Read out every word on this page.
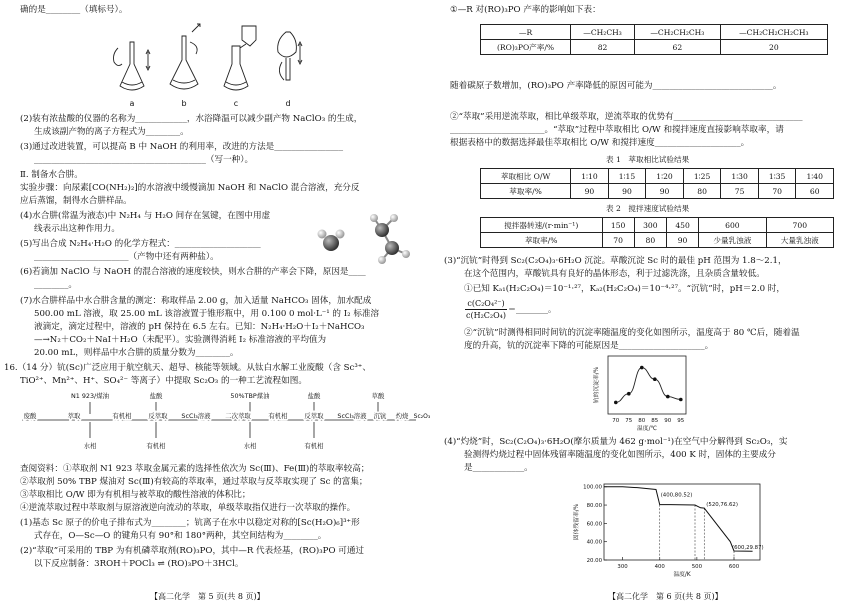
确的是________（填标号）。
(2)装有浓盐酸的仪器的名称为____________，水浴降温可以减少副产物 NaClO₃ 的生成，
生成该副产物的离子方程式为________。
(3)通过改进装置，可以提高 B 中 NaOH 的利用率，改进的方法是________________
________________________________________（写一种）。
Ⅱ. 制备水合肼。
实验步骤：向尿素[CO(NH₂)₂]的水溶液中缓慢滴加 NaOH 和 NaClO 混合溶液，充分反
应后蒸馏，制得水合肼样品。
(4)水合肼(常温为液态)中 N₂H₄ 与 H₂O 间存在氢键，在图中用虚
线表示出这种作用力。
(5)写出合成 N₂H₄·H₂O 的化学方程式：____________________
______________________（产物中还有两种盐）。
(6)若滴加 NaClO 与 NaOH 的混合溶液的速度较快，则水合肼的产率会下降，原因是____
________。
(7)水合肼样品中水合肼含量的测定：称取样品 2.00 g，加入适量 NaHCO₃ 固体，加水配成
500.00 mL 溶液，取 25.00 mL 该溶液置于锥形瓶中，用 0.100 0 mol·L⁻¹ 的 I₂ 标准溶
液滴定，滴定过程中，溶液的 pH 保持在 6.5 左右。已知：N₂H₄·H₂O＋I₂＋NaHCO₃
—→N₂＋CO₂＋NaI＋H₂O（未配平）。实验测得消耗 I₂ 标准溶液的平均值为
20.00 mL，则样品中水合肼的质量分数为________。
16.（14 分）钪(Sc)广泛应用于航空航天、超导、核能等领域。从钛白水解工业废酸（含 Sc³⁺、
TiO²⁺、Mn²⁺、H⁺、SO₄²⁻ 等离子）中提取 Sc₂O₃ 的一种工艺流程如图。
查阅资料：①萃取剂 N1 923 萃取金属元素的选择性依次为 Sc(Ⅲ)、Fe(Ⅲ)的萃取率较高；
②萃取剂 50% TBP 煤油对 Sc(Ⅲ)有较高的萃取率，通过萃取与反萃取实现了 Sc 的富集；
③萃取相比 O/W 即为有机相与被萃取的酸性溶液的体积比；
④逆流萃取过程中萃取剂与原溶液逆向流动的萃取，单级萃取指仅进行一次萃取的操作。
(1)基态 Sc 原子的价电子排布式为________；钪离子在水中以稳定对称的[Sc(H₂O)₆]³⁺形
式存在，O—Sc—O 的键角只有 90°和 180°两种，其空间结构为________。
(2)“萃取”可采用的 TBP 为有机磷萃取剂(RO)₃PO，其中—R 代表烃基，(RO)₃PO 可通过
以下反应制备：3ROH＋POCl₃ ⇌ (RO)₃PO＋3HCl。
a	b	c	d
N1 923/煤油	盐酸	50%TBP煤油	盐酸	草酸
废酸	萃取	有机相	反萃取 ScCl₃溶液 二次萃取	有机相	反萃取 ScCl₃溶液 沉钪 灼烧 Sc₂O₃
水相	有机相	水相	有机相
【高二化学　第 5 页(共 8 页)】
①—R 对(RO)₃PO 产率的影响如下表：
随着碳原子数增加，(RO)₃PO 产率降低的原因可能为____________________________。
②“萃取”采用逆流萃取，相比单级萃取，逆流萃取的优势有______________________________
______________________。“萃取”过程中萃取相比 O/W 和搅拌速度直接影响萃取率，请
根据表格中的数据选择最佳萃取相比 O/W 和搅拌速度____________________。
(3)“沉钪”时得到 Sc₂(C₂O₄)₃·6H₂O 沉淀。草酸沉淀 Sc 时的最佳 pH 范围为 1.8～2.1，
在这个范围内，草酸钪具有良好的晶体形态，利于过滤洗涤，且杂质含量较低。
①已知 Kₐ₁(H₂C₂O₄)＝10⁻¹·²⁷，Kₐ₂(H₂C₂O₄)＝10⁻⁴·²⁷。“沉钪”时，pH＝2.0 时，
②“沉钪”时测得相同时间钪的沉淀率随温度的变化如图所示，温度高于 80 ℃后，随着温
度的升高，钪的沉淀率下降的可能原因是____________________。
(4)“灼烧”时，Sc₂(C₂O₄)₃·6H₂O(摩尔质量为 462 g·mol⁻¹)在空气中分解得到 Sc₂O₃，实
验测得灼烧过程中固体残留率随温度的变化如图所示，400 K 时，固体的主要成分
是____________。
—R	—CH₂CH₃	—CH₂CH₂CH₃	—CH₂CH₂CH₂CH₃
(RO)₃PO产率/%	82	62	20
表 1　萃取相比试验结果
萃取相比 O/W	1∶10	1∶15	1∶20	1∶25	1∶30	1∶35	1∶40
萃取率/%	90	90	90	80	75	70	60
表 2　搅拌速度试验结果
搅拌器转速/(r·min⁻¹)	150	300	450	600	700
萃取率/%	70	80	90	少量乳浊液	大量乳浊液
$\frac{\text{c(C₂O₄²⁻)}}{\text{c(H₂C₂O₄)}}$ ＝________。
70 75 80 85 90 95
温度/℃
钪的沉淀率/%
100.00
80.00
60.00
40.00
20.00
300	400	500	600
(400,80.52)
(520,76.62)
(600,29.87)
温度/K
固体残留率/%
【高二化学　第 6 页(共 8 页)】
